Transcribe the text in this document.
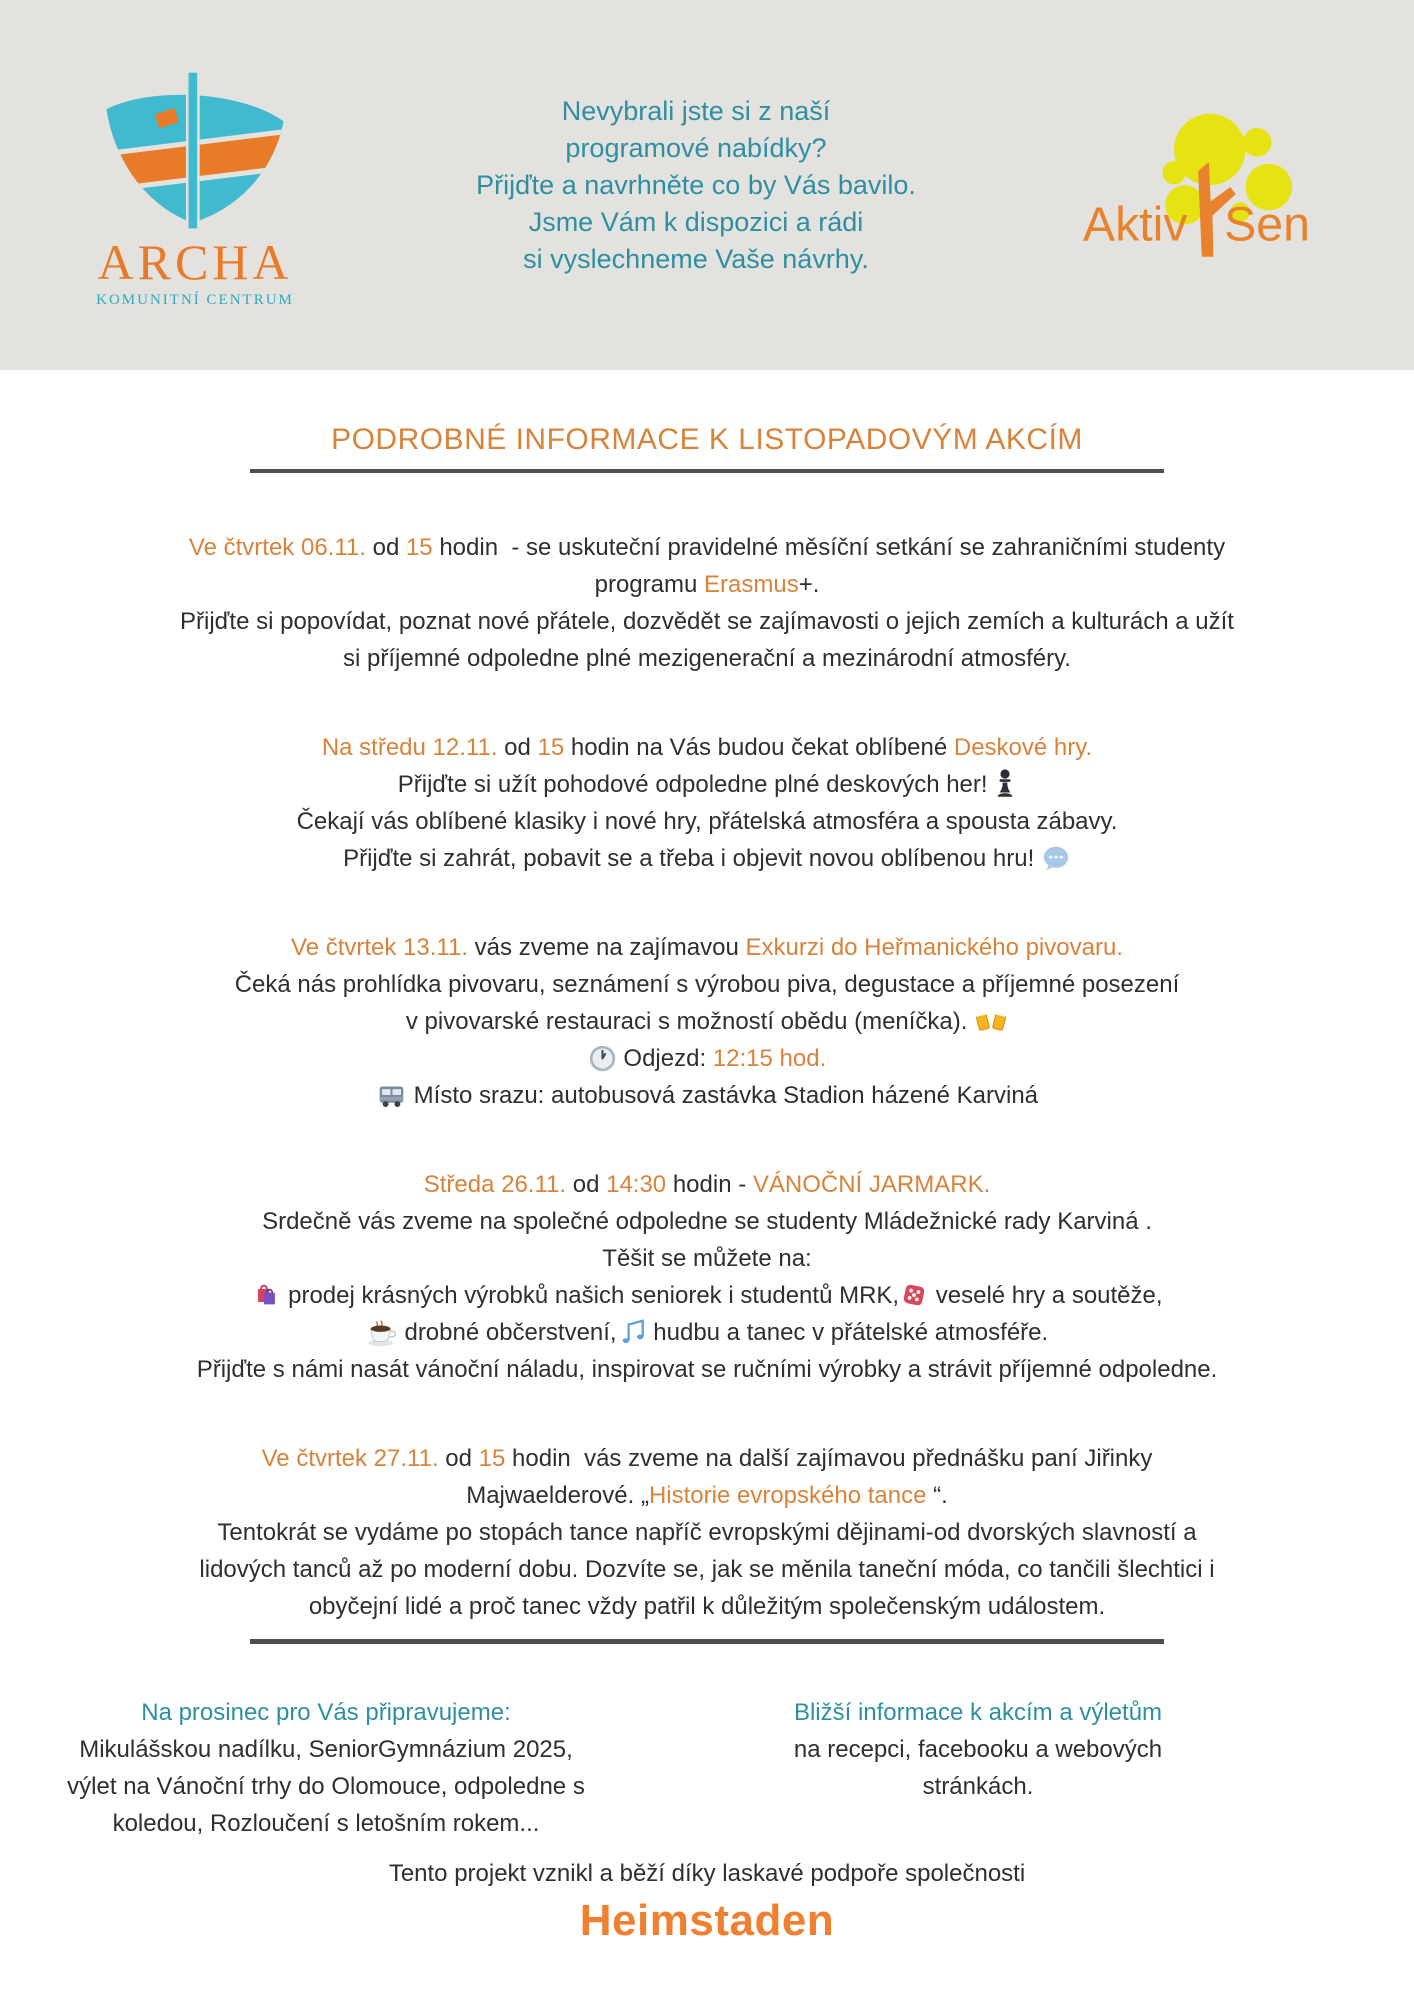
ARCHA
KOMUNITNÍ CENTRUM
Nevybrali jste si z naší
programové nabídky?
Přijďte a navrhněte co by Vás bavilo.
Jsme Vám k dispozici a rádi
si vyslechneme Vaše návrhy.
Aktiv Sen
PODROBNÉ INFORMACE K LISTOPADOVÝM AKCÍM
Ve čtvrtek 06.11. od 15 hodin  - se uskuteční pravidelné měsíční setkání se zahraničními studenty
programu Erasmus+.
Přijďte si popovídat, poznat nové přátele, dozvědět se zajímavosti o jejich zemích a kulturách a užít
si příjemné odpoledne plné mezigenerační a mezinárodní atmosféry.
Na středu 12.11. od 15 hodin na Vás budou čekat oblíbené Deskové hry.
Přijďte si užít pohodové odpoledne plné deskových her!
Čekají vás oblíbené klasiky i nové hry, přátelská atmosféra a spousta zábavy.
Přijďte si zahrát, pobavit se a třeba i objevit novou oblíbenou hru!
Ve čtvrtek 13.11. vás zveme na zajímavou Exkurzi do Heřmanického pivovaru.
Čeká nás prohlídka pivovaru, seznámení s výrobou piva, degustace a příjemné posezení
v pivovarské restauraci s možností obědu (meníčka).
Odjezd: 12:15 hod.
Místo srazu: autobusová zastávka Stadion házené Karviná
Středa 26.11. od 14:30 hodin - VÁNOČNÍ JARMARK.
Srdečně vás zveme na společné odpoledne se studenty Mládežnické rady Karviná .
Těšit se můžete na:
prodej krásných výrobků našich seniorek i studentů MRK, veselé hry a soutěže,
drobné občerstvení, hudbu a tanec v přátelské atmosféře.
Přijďte s námi nasát vánoční náladu, inspirovat se ručními výrobky a strávit příjemné odpoledne.
Ve čtvrtek 27.11. od 15 hodin  vás zveme na další zajímavou přednášku paní Jiřinky
Majwaelderové. „Historie evropského tance “.
Tentokrát se vydáme po stopách tance napříč evropskými dějinami-od dvorských slavností a
lidových tanců až po moderní dobu. Dozvíte se, jak se měnila taneční móda, co tančili šlechtici i
obyčejní lidé a proč tanec vždy patřil k důležitým společenským událostem.
Na prosinec pro Vás připravujeme:
Mikulášskou nadílku, SeniorGymnázium 2025,
výlet na Vánoční trhy do Olomouce, odpoledne s
koledou, Rozloučení s letošním rokem...
Bližší informace k akcím a výletům
na recepci, facebooku a webových
stránkách.
Tento projekt vznikl a běží díky laskavé podpoře společnosti
Heimstaden
